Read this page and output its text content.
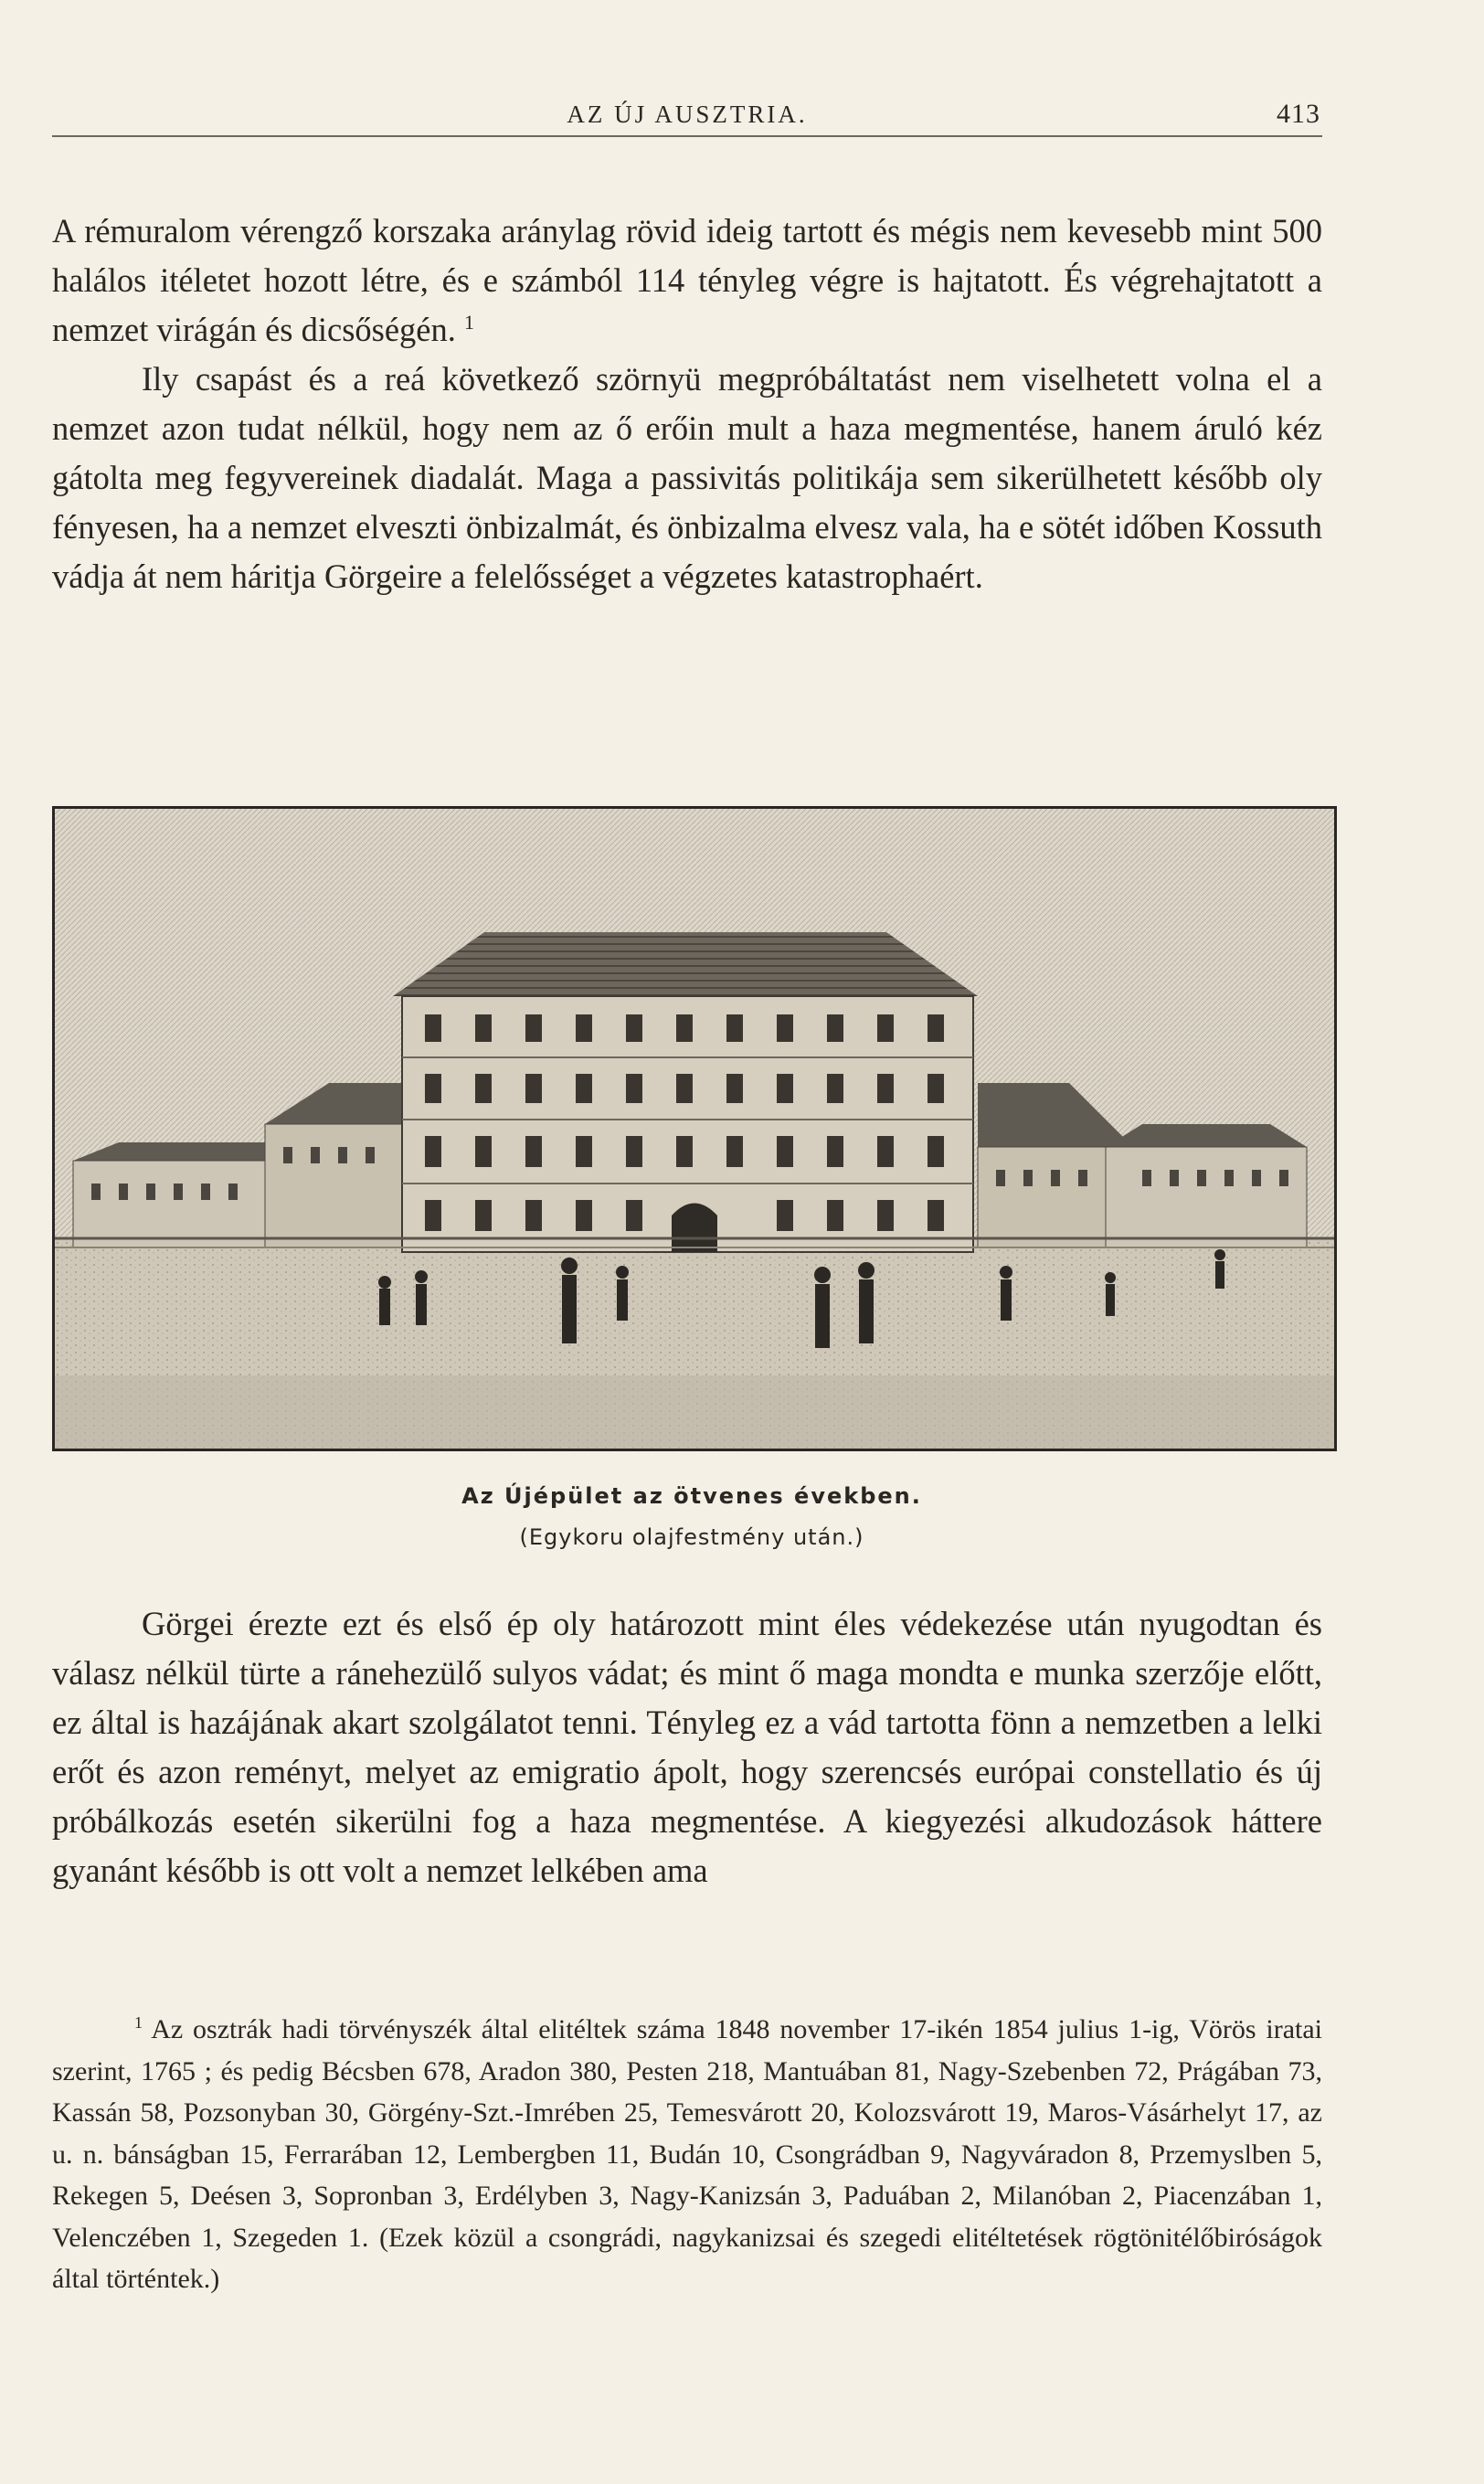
AZ ÚJ AUSZTRIA.	413

A rémuralom vérengző korszaka aránylag rövid ideig tartott és mégis nem kevesebb mint 500 halálos itéletet hozott létre, és e számból 114 tényleg végre is hajtatott. És végrehajtatott a nemzet virágán és dicsőségén. $^1$

Ily csapást és a reá következő szörnyü megpróbáltatást nem viselhetett volna el a nemzet azon tudat nélkül, hogy nem az ő erőin mult a haza megmentése, hanem áruló kéz gátolta meg fegyvereinek diadalát. Maga a passivitás politikája sem sikerülhetett később oly fényesen, ha a nemzet elveszti önbizalmát, és önbizalma elvesz vala, ha e sötét időben Kossuth vádja át nem háritja Görgeire a felelősséget a végzetes katastrophaért.

Az Újépület az ötvenes években.
(Egykoru olajfestmény után.)

Görgei érezte ezt és első ép oly határozott mint éles védekezése után nyugodtan és válasz nélkül türte a ránehezülő sulyos vádat; és mint ő maga mondta e munka szerzője előtt, ez által is hazájának akart szolgálatot tenni. Tényleg ez a vád tartotta fönn a nemzetben a lelki erőt és azon reményt, melyet az emigratio ápolt, hogy szerencsés európai constellatio és új próbálkozás esetén sikerülni fog a haza megmentése. A kiegyezési alkudozások háttere gyanánt később is ott volt a nemzet lelkében ama

$^1$ Az osztrák hadi törvényszék által elitéltek száma 1848 november 17-ikén 1854 julius 1-ig, Vörös iratai szerint, 1765 ; és pedig Bécsben 678, Aradon 380, Pesten 218, Mantuában 81, Nagy-Szebenben 72, Prágában 73, Kassán 58, Pozsonyban 30, Görgény-Szt.-Imrében 25, Temesvárott 20, Kolozsvárott 19, Maros-Vásárhelyt 17, az u. n. bánságban 15, Ferrarában 12, Lembergben 11, Budán 10, Csongrádban 9, Nagyváradon 8, Przemyslben 5, Rekegen 5, Deésen 3, Sopronban 3, Erdélyben 3, Nagy-Kanizsán 3, Paduában 2, Milanóban 2, Piacenzában 1, Velenczében 1, Szegeden 1. (Ezek közül a csongrádi, nagykanizsai és szegedi elitéltetések rögtönitélőbiróságok által történtek.)
